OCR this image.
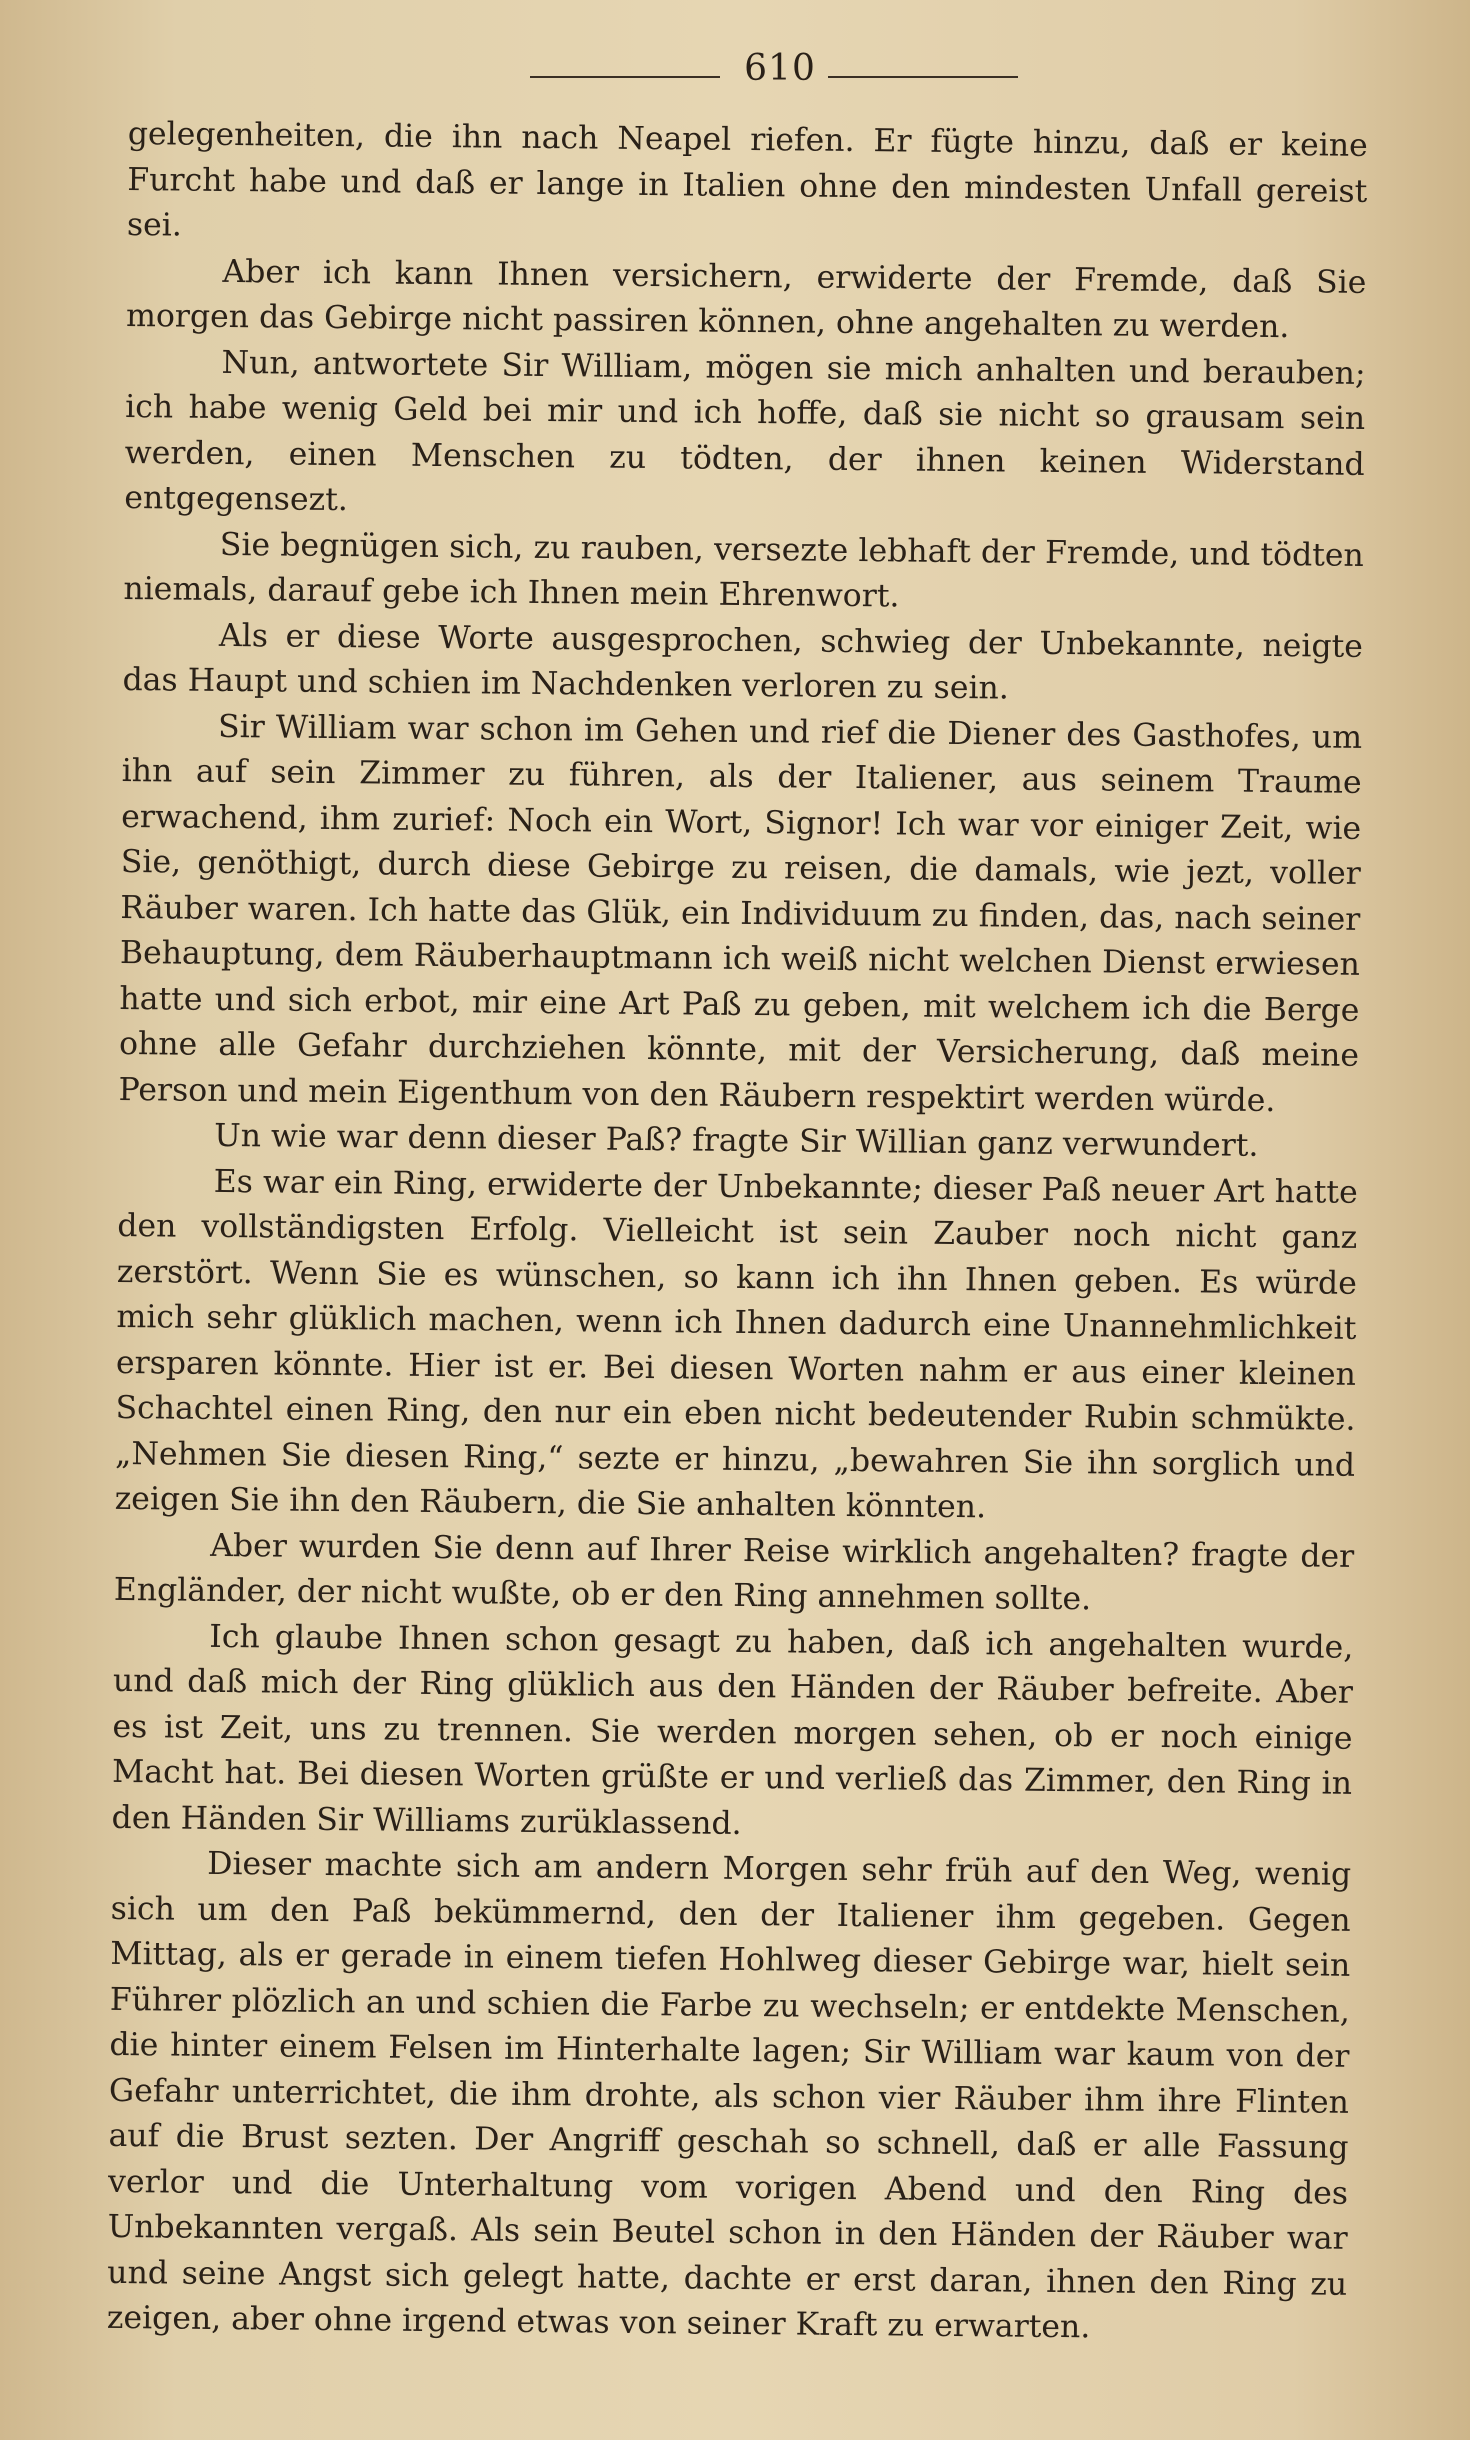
610

gelegenheiten, die ihn nach Neapel riefen. Er fügte hinzu, daß er keine Furcht habe und daß er lange in Italien ohne den mindesten Unfall gereist sei.

Aber ich kann Ihnen versichern, erwiderte der Fremde, daß Sie morgen das Gebirge nicht passiren können, ohne angehalten zu werden.

Nun, antwortete Sir William, mögen sie mich anhalten und berauben; ich habe wenig Geld bei mir und ich hoffe, daß sie nicht so grausam sein werden, einen Menschen zu tödten, der ihnen keinen Widerstand entgegensezt.

Sie begnügen sich, zu rauben, versezte lebhaft der Fremde, und tödten niemals, darauf gebe ich Ihnen mein Ehrenwort.

Als er diese Worte ausgesprochen, schwieg der Unbekannte, neigte das Haupt und schien im Nachdenken verloren zu sein.

Sir William war schon im Gehen und rief die Diener des Gasthofes, um ihn auf sein Zimmer zu führen, als der Italiener, aus seinem Traume erwachend, ihm zurief: Noch ein Wort, Signor! Ich war vor einiger Zeit, wie Sie, genöthigt, durch diese Gebirge zu reisen, die damals, wie jezt, voller Räuber waren. Ich hatte das Glük, ein Individuum zu finden, das, nach seiner Behauptung, dem Räuberhauptmann ich weiß nicht welchen Dienst erwiesen hatte und sich erbot, mir eine Art Paß zu geben, mit welchem ich die Berge ohne alle Gefahr durchziehen könnte, mit der Versicherung, daß meine Person und mein Eigenthum von den Räubern respektirt werden würde.

Un wie war denn dieser Paß? fragte Sir Willian ganz verwundert.

Es war ein Ring, erwiderte der Unbekannte; dieser Paß neuer Art hatte den vollständigsten Erfolg. Vielleicht ist sein Zauber noch nicht ganz zerstört. Wenn Sie es wünschen, so kann ich ihn Ihnen geben. Es würde mich sehr glüklich machen, wenn ich Ihnen dadurch eine Unannehmlichkeit ersparen könnte. Hier ist er. Bei diesen Worten nahm er aus einer kleinen Schachtel einen Ring, den nur ein eben nicht bedeutender Rubin schmükte. „Nehmen Sie diesen Ring,“ sezte er hinzu, „bewahren Sie ihn sorglich und zeigen Sie ihn den Räubern, die Sie anhalten könnten.

Aber wurden Sie denn auf Ihrer Reise wirklich angehalten? fragte der Engländer, der nicht wußte, ob er den Ring annehmen sollte.

Ich glaube Ihnen schon gesagt zu haben, daß ich angehalten wurde, und daß mich der Ring glüklich aus den Händen der Räuber befreite. Aber es ist Zeit, uns zu trennen. Sie werden morgen sehen, ob er noch einige Macht hat. Bei diesen Worten grüßte er und verließ das Zimmer, den Ring in den Händen Sir Williams zurüklassend.

Dieser machte sich am andern Morgen sehr früh auf den Weg, wenig sich um den Paß bekümmernd, den der Italiener ihm gegeben. Gegen Mittag, als er gerade in einem tiefen Hohlweg dieser Gebirge war, hielt sein Führer plözlich an und schien die Farbe zu wechseln; er entdekte Menschen, die hinter einem Felsen im Hinterhalte lagen; Sir William war kaum von der Gefahr unterrichtet, die ihm drohte, als schon vier Räuber ihm ihre Flinten auf die Brust sezten. Der Angriff geschah so schnell, daß er alle Fassung verlor und die Unterhaltung vom vorigen Abend und den Ring des Unbekannten vergaß. Als sein Beutel schon in den Händen der Räuber war und seine Angst sich gelegt hatte, dachte er erst daran, ihnen den Ring zu zeigen, aber ohne irgend etwas von seiner Kraft zu erwarten.
